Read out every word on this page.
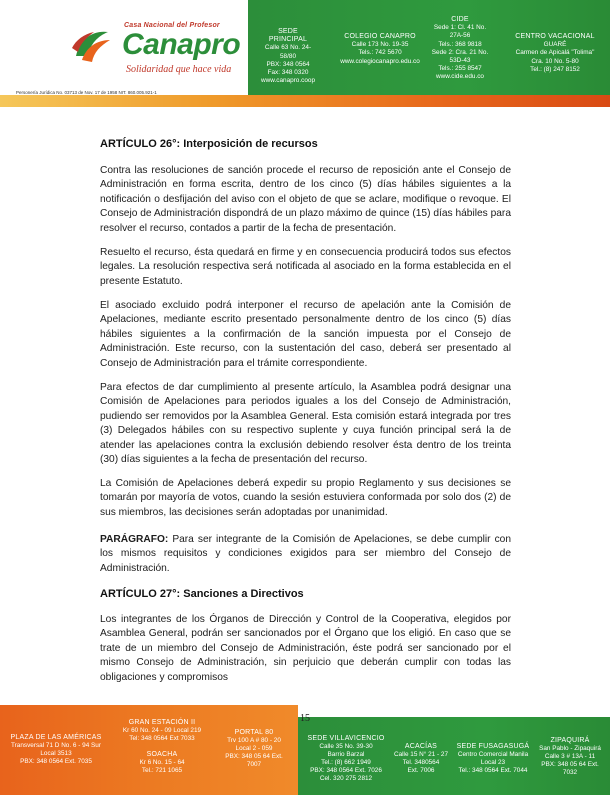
Casa Nacional del Profesor
Canapro
Solidaridad que hace vida
Personería Jurídica No. 03713 de Nov. 17 de 1958 NIT. 860.005.921-1
SEDE PRINCIPAL
Calle 63 No. 24-58/80
PBX: 348 0564
Fax: 348 0320
www.canapro.coop
COLEGIO CANAPRO
Calle 173 No. 19-35
Tels.: 742 5670
www.colegiocanapro.edu.co
CIDE
Sede 1: Cl. 41 No.
27A-56
Tels.: 368 9818
Sede 2: Cra. 21 No.
53D-43
Tels.: 255 8547
www.cide.edu.co
CENTRO VACACIONAL
GUARÉ
Carmen de Apicalá "Tolima"
Cra. 10 No. 5-80
Tel.: (8) 247 8152
ARTÍCULO 26°: Interposición de recursos
Contra las resoluciones de sanción procede el recurso de reposición ante el Consejo de Administración en forma escrita, dentro de los cinco (5) días hábiles siguientes a la notificación o desfijación del aviso con el objeto de que se aclare, modifique o revoque. El Consejo de Administración dispondrá de un plazo máximo de quince (15) días hábiles para resolver el recurso, contados a partir de la fecha de presentación.
Resuelto el recurso, ésta quedará en firme y en consecuencia producirá todos sus efectos legales. La resolución respectiva será notificada al asociado en la forma establecida en el presente Estatuto.
El asociado excluido podrá interponer el recurso de apelación ante la Comisión de Apelaciones, mediante escrito presentado personalmente dentro de los cinco (5) días hábiles siguientes a la confirmación de la sanción impuesta por el Consejo de Administración. Este recurso, con la sustentación del caso, deberá ser presentado al Consejo de Administración para el trámite correspondiente.
Para efectos de dar cumplimiento al presente artículo, la Asamblea podrá designar una Comisión de Apelaciones para periodos iguales a los del Consejo de Administración, pudiendo ser removidos por la Asamblea General. Esta comisión estará integrada por tres (3) Delegados hábiles con su respectivo suplente y cuya función principal será la de atender las apelaciones contra la exclusión debiendo resolver ésta dentro de los treinta (30) días siguientes a la fecha de presentación del recurso.
La Comisión de Apelaciones deberá expedir su propio Reglamento y sus decisiones se tomarán por mayoría de votos, cuando la sesión estuviera conformada por solo dos (2) de sus miembros, las decisiones serán adoptadas por unanimidad.
PARÁGRAFO: Para ser integrante de la Comisión de Apelaciones, se debe cumplir con los mismos requisitos y condiciones exigidos para ser miembro del Consejo de Administración.
ARTÍCULO 27°: Sanciones a Directivos
Los integrantes de los Órganos de Dirección y Control de la Cooperativa, elegidos por Asamblea General, podrán ser sancionados por el Órgano que los eligió. En caso que se trate de un miembro del Consejo de Administración, éste podrá ser sancionado por el mismo Consejo de Administración, sin perjuicio que deberán cumplir con todas las obligaciones y compromisos
PLAZA DE LAS AMÉRICAS
Transversal 71 D No. 6 - 94 Sur
Local 3513
PBX: 348 0564 Ext. 7035
GRAN ESTACIÓN II
Kr 60 No. 24 - 09 Local 219
Tel: 348 0564 Ext 7033
SOACHA
Kr 6 No. 15 - 64
Tel.: 721 1065
PORTAL 80
Trv 100 A # 80 - 20
Local 2 - 059
PBX: 348 05 64 Ext.
7007
SEDE VILLAVICENCIO
Calle 35 No. 39-30
Barrio Barzal
Tel.: (8) 662 1949
PBX: 348 0564 Ext. 7026
Cel. 320 275 2812
ACACÍAS
Calle 15 N° 21 - 27
Tel. 3480564
Ext. 7006
SEDE FUSAGASUGÁ
Centro Comercial Manila
Local 23
Tel.: 348 0564 Ext. 7044
ZIPAQUIRÁ
San Pablo - Zipaquirá
Calle 3 # 13A - 11
PBX: 348 05 64 Ext.
7032
15
